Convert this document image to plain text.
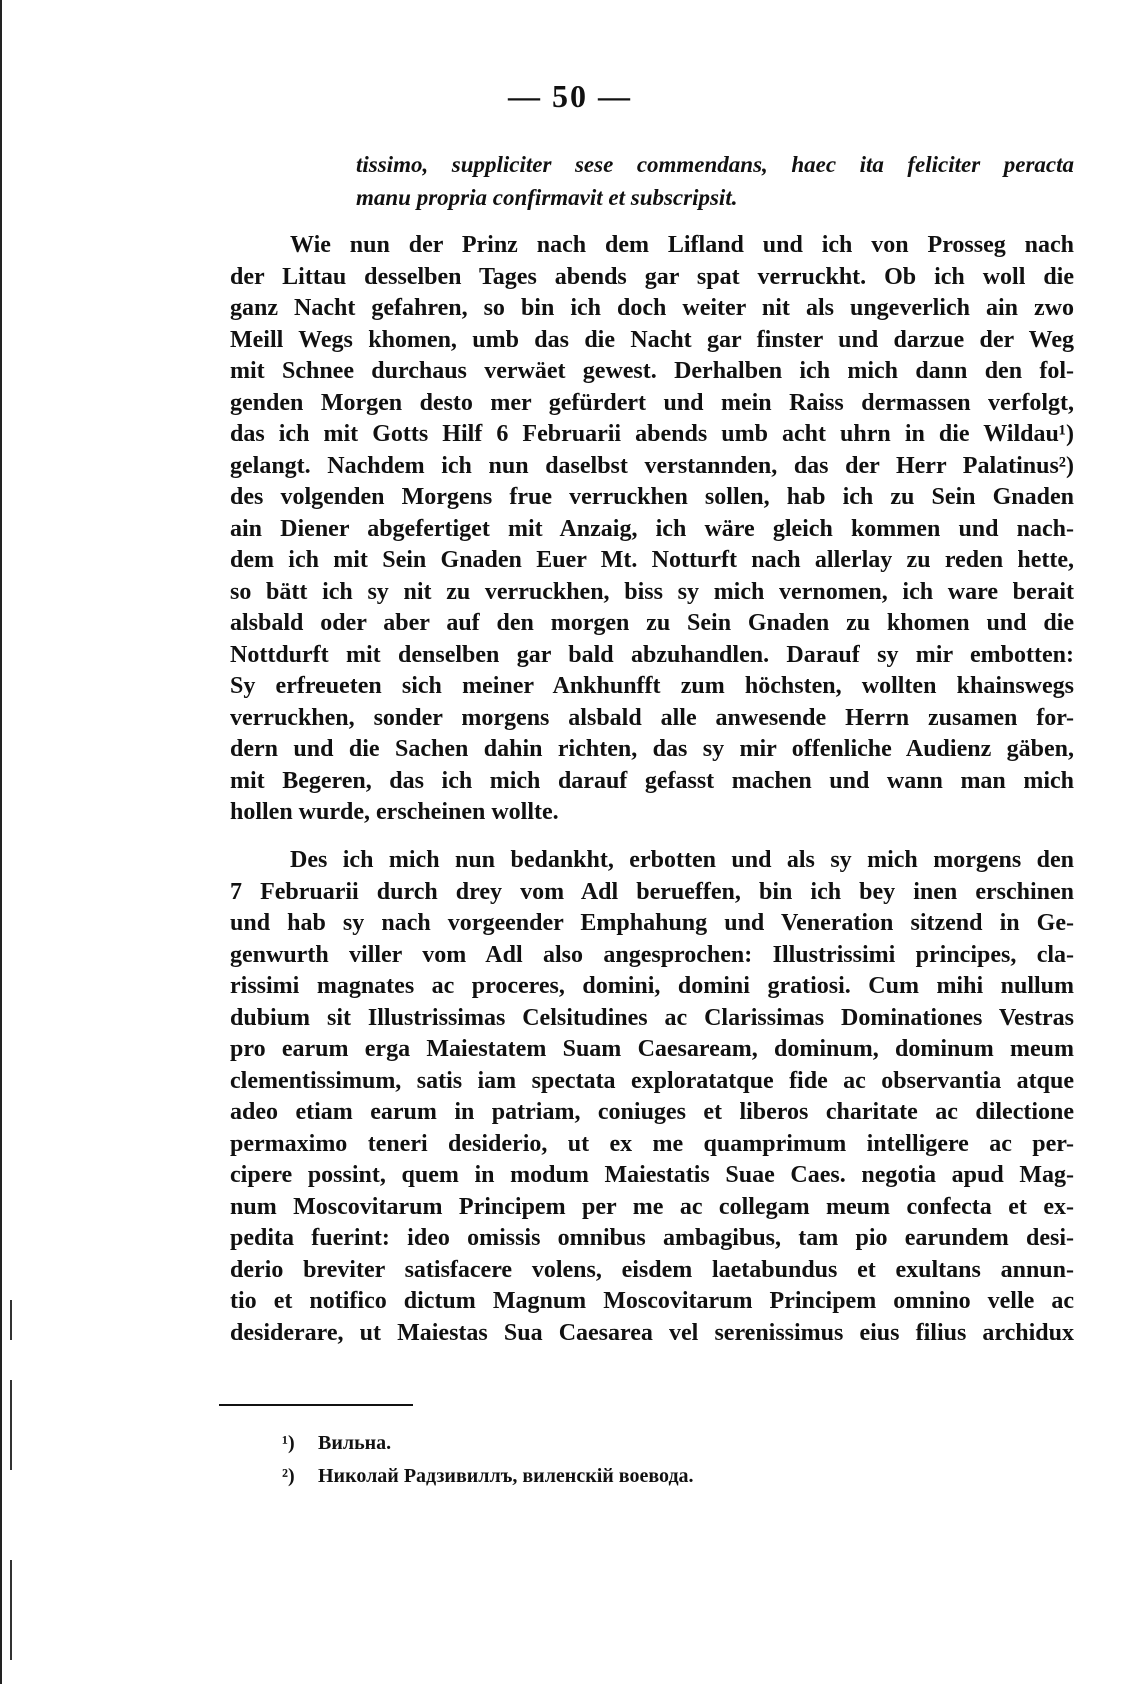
— 50 —
tissimo, suppliciter sese commendans, haec ita feliciter peracta
manu propria confirmavit et subscripsit.
Wie nun der Prinz nach dem Lifland und ich von Prosseg nach
der Littau desselben Tages abends gar spat verruckht. Ob ich woll die
ganz Nacht gefahren, so bin ich doch weiter nit als ungeverlich ain zwo
Meill Wegs khomen, umb das die Nacht gar finster und darzue der Weg
mit Schnee durchaus verwäet gewest. Derhalben ich mich dann den fol-
genden Morgen desto mer gefürdert und mein Raiss dermassen verfolgt,
das ich mit Gotts Hilf 6 Februarii abends umb acht uhrn in die Wildau¹)
gelangt. Nachdem ich nun daselbst verstannden, das der Herr Palatinus²)
des volgenden Morgens frue verruckhen sollen, hab ich zu Sein Gnaden
ain Diener abgefertiget mit Anzaig, ich wäre gleich kommen und nach-
dem ich mit Sein Gnaden Euer Mt. Notturft nach allerlay zu reden hette,
so bätt ich sy nit zu verruckhen, biss sy mich vernomen, ich ware berait
alsbald oder aber auf den morgen zu Sein Gnaden zu khomen und die
Nottdurft mit denselben gar bald abzuhandlen. Darauf sy mir embotten:
Sy erfreueten sich meiner Ankhunfft zum höchsten, wollten khainswegs
verruckhen, sonder morgens alsbald alle anwesende Herrn zusamen for-
dern und die Sachen dahin richten, das sy mir offenliche Audienz gäben,
mit Begeren, das ich mich darauf gefasst machen und wann man mich
hollen wurde, erscheinen wollte.
Des ich mich nun bedankht, erbotten und als sy mich morgens den
7 Februarii durch drey vom Adl berueffen, bin ich bey inen erschinen
und hab sy nach vorgeender Emphahung und Veneration sitzend in Ge-
genwurth viller vom Adl also angesprochen: Illustrissimi principes, cla-
rissimi magnates ac proceres, domini, domini gratiosi. Cum mihi nullum
dubium sit Illustrissimas Celsitudines ac Clarissimas Dominationes Vestras
pro earum erga Maiestatem Suam Caesaream, dominum, dominum meum
clementissimum, satis iam spectata exploratatque fide ac observantia atque
adeo etiam earum in patriam, coniuges et liberos charitate ac dilectione
permaximo teneri desiderio, ut ex me quamprimum intelligere ac per-
cipere possint, quem in modum Maiestatis Suae Caes. negotia apud Mag-
num Moscovitarum Principem per me ac collegam meum confecta et ex-
pedita fuerint: ideo omissis omnibus ambagibus, tam pio earundem desi-
derio breviter satisfacere volens, eisdem laetabundus et exultans annun-
tio et notifico dictum Magnum Moscovitarum Principem omnino velle ac
desiderare, ut Maiestas Sua Caesarea vel serenissimus eius filius archidux
¹) Вильна.
²) Николай Радзивиллъ, виленскій воевода.
